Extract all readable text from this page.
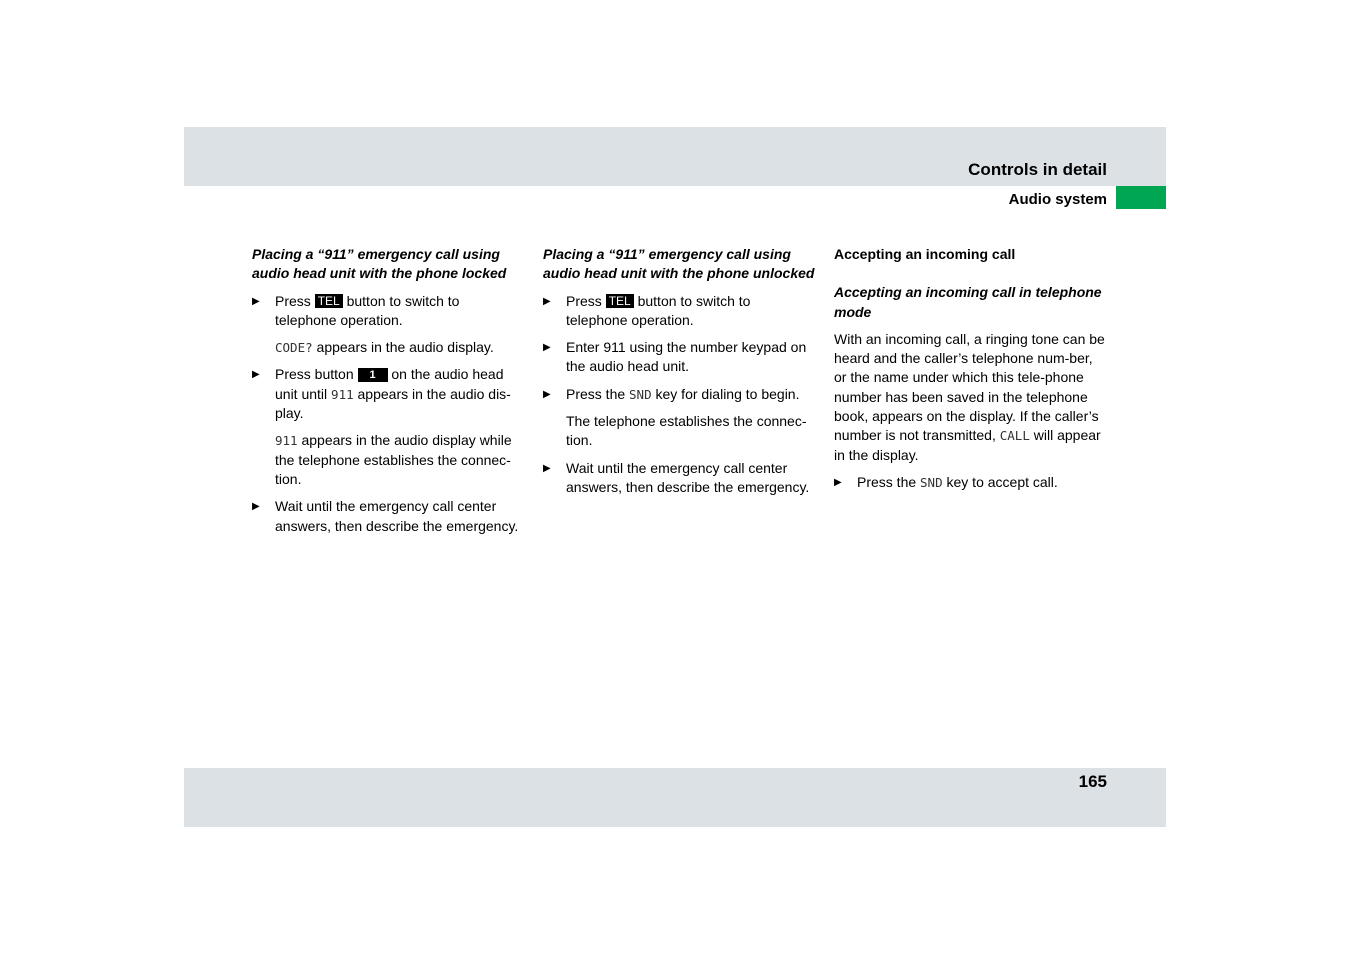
Controls in detail
Audio system
Placing a “911” emergency call using audio head unit with the phone locked
▶ Press TEL button to switch to telephone operation.
CODE? appears in the audio display.
▶ Press button 1 on the audio head unit until 911 appears in the audio dis-play.
911 appears in the audio display while the telephone establishes the connec-tion.
▶ Wait until the emergency call center answers, then describe the emergency.
Placing a “911” emergency call using audio head unit with the phone unlocked
▶ Press TEL button to switch to telephone operation.
▶ Enter 911 using the number keypad on the audio head unit.
▶ Press the SND key for dialing to begin.
The telephone establishes the connec-tion.
▶ Wait until the emergency call center answers, then describe the emergency.
Accepting an incoming call
Accepting an incoming call in telephone mode
With an incoming call, a ringing tone can be heard and the caller’s telephone num-ber, or the name under which this tele-phone number has been saved in the telephone book, appears on the display. If the caller’s number is not transmitted, CALL will appear in the display.
▶ Press the SND key to accept call.
165
